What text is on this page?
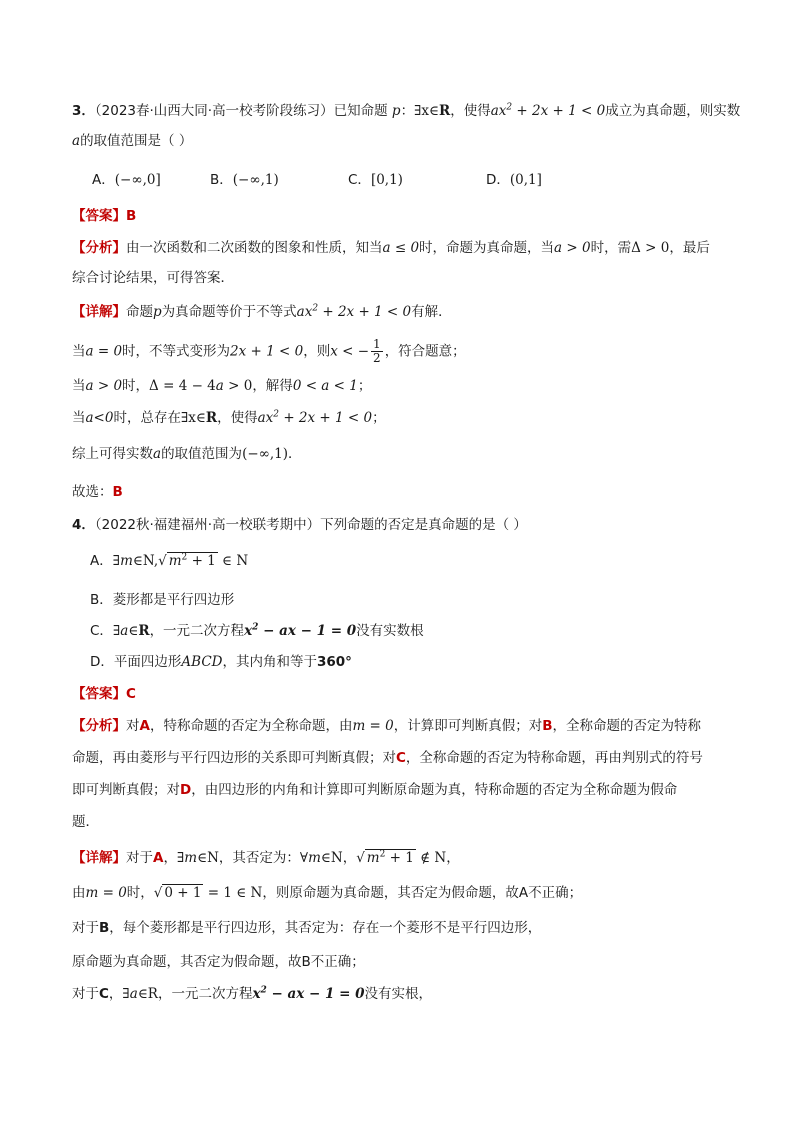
3．（2023春·山西大同·高一校考阶段练习）已知命题 p：∃x∈R，使得$ax^2 + 2x + 1 < 0$成立为真命题，则实数
a的取值范围是（ ）
A．(−∞,0]	B．(−∞,1)	C．[0,1)	D．(0,1]
【答案】B
【分析】由一次函数和二次函数的图象和性质，知当a ≤ 0时，命题为真命题，当a > 0时，需Δ > 0，最后
综合讨论结果，可得答案．
【详解】命题p为真命题等价于不等式$ax^2 + 2x + 1 < 0$有解．
当a = 0时，不等式变形为2x + 1 < 0，则x < − $\frac{1}{2}$ ，符合题意；
当a > 0时，Δ = 4 − 4a > 0，解得0 < a < 1；
当a<0时，总存在∃x∈R，使得$ax^2 + 2x + 1 < 0$；
综上可得实数a的取值范围为(−∞,1)．
故选：B
4．（2022秋·福建福州·高一校联考期中）下列命题的否定是真命题的是（ ）
A．∃m∈N,√ $m^2 + 1$ ∈ N
B．菱形都是平行四边形
C．∃a∈R，一元二次方程$x^2$ − ax − 1 = 0没有实数根
D．平面四边形ABCD，其内角和等于360°
【答案】C
【分析】对A，特称命题的否定为全称命题，由m = 0，计算即可判断真假；对B，全称命题的否定为特称
命题，再由菱形与平行四边形的关系即可判断真假；对C，全称命题的否定为特称命题，再由判别式的符号
即可判断真假；对D，由四边形的内角和计算即可判断原命题为真，特称命题的否定为全称命题为假命
题．
【详解】对于A，∃m∈N，其否定为：∀m∈N，√ $m^2 + 1$ ∉ N，
由m = 0时，√ 0 + 1 = 1 ∈ N，则原命题为真命题，其否定为假命题，故A不正确；
对于B，每个菱形都是平行四边形，其否定为：存在一个菱形不是平行四边形，
原命题为真命题，其否定为假命题，故B不正确；
对于C，∃a∈R，一元二次方程$x^2$ − ax − 1 = 0没有实根，
